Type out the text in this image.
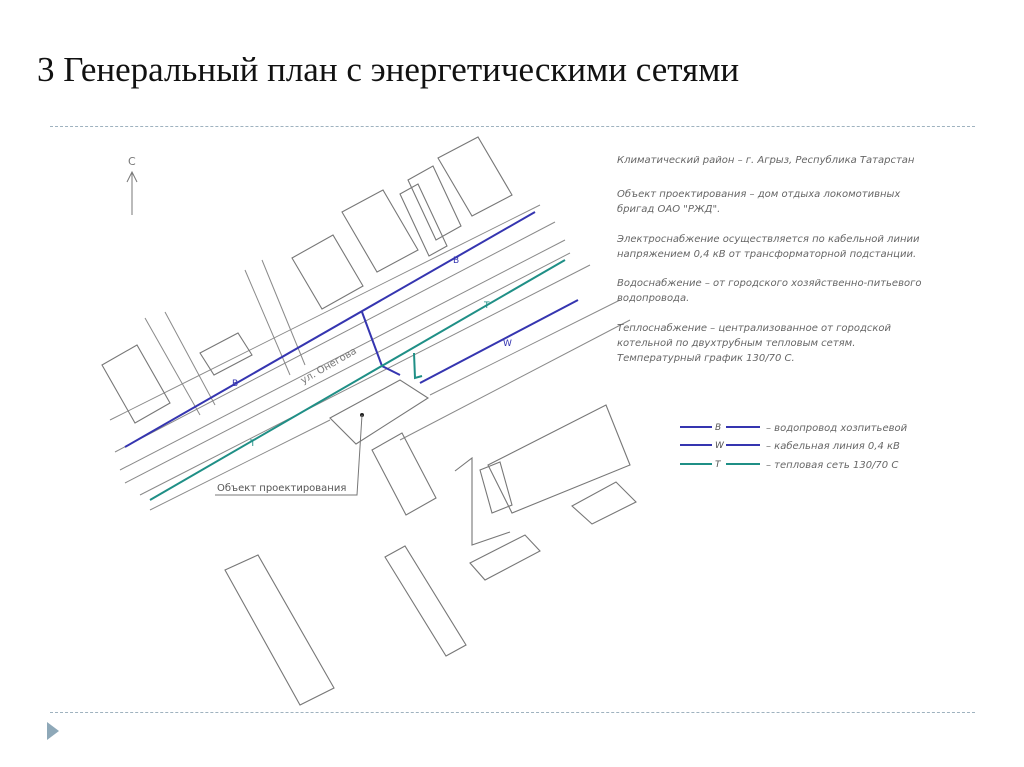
3 Генеральный план с энергетическими сетями
С
В
В
W
Т
Т
ул. Онегова
Объект проектирования
Климатический район – г. Агрыз, Республика Татарстан
Объект проектирования – дом отдыха локомотивных
бригад ОАО "РЖД".
Электроснабжение осуществляется по кабельной линии
напряжением 0,4 кВ от трансформаторной подстанции.
Водоснабжение – от городского хозяйственно-питьевого
водопровода.
Теплоснабжение – централизованное от городской
котельной по двухтрубным тепловым сетям.
Температурный график 130/70 С.
В	– водопровод хозпитьевой
W	– кабельная линия 0,4 кВ
Т	– тепловая сеть 130/70 С
